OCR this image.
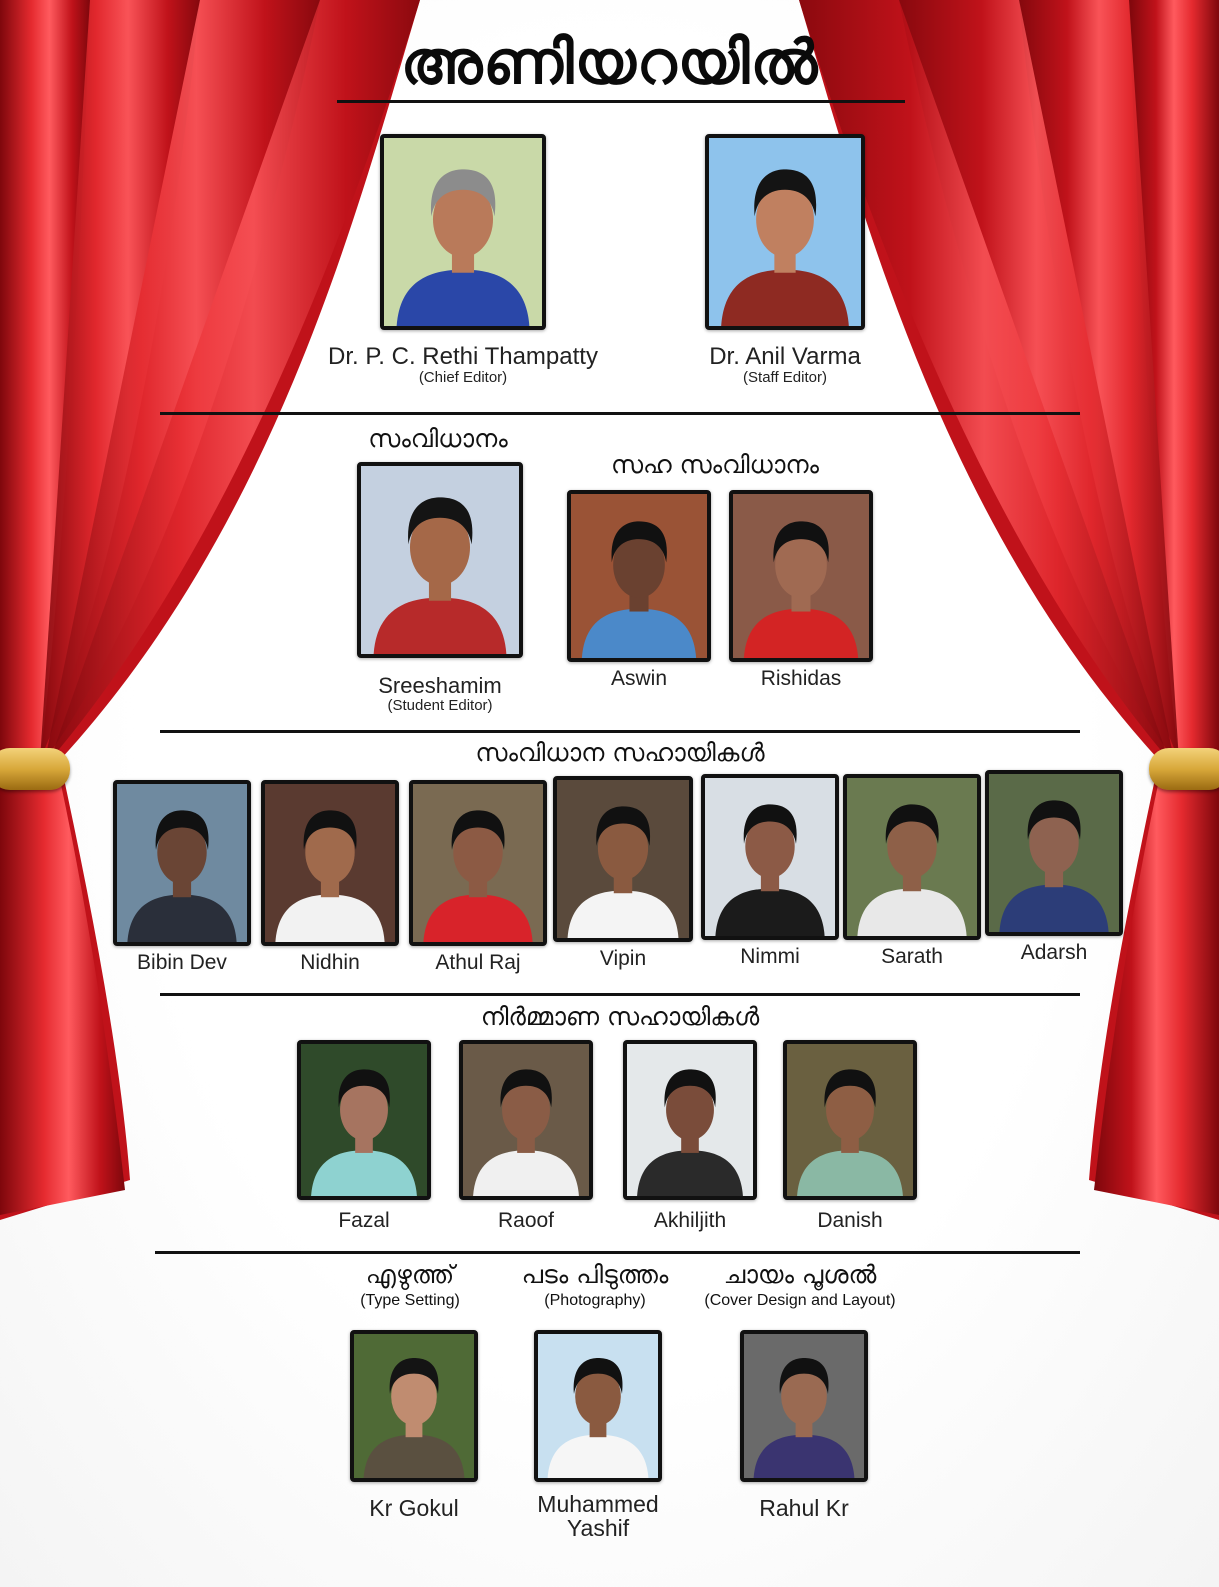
അണിയറയിൽ
Dr. P. C. Rethi Thampatty
(Chief Editor)
Dr. Anil Varma
(Staff Editor)
സംവിധാനം
Sreeshamim
(Student Editor)
സഹ സംവിധാനം
Aswin	Rishidas
സംവിധാന സഹായികൾ
Bibin Dev	Nidhin	Athul Raj	Vipin	Nimmi	Sarath	Adarsh
നിർമ്മാണ സഹായികൾ
Fazal	Raoof	Akhiljith	Danish
എഴുത്ത്
(Type Setting)
പടം പിടുത്തം
(Photography)
ചായം പൂശൽ
(Cover Design and Layout)
Kr Gokul	Muhammed Yashif
Rahul Kr
